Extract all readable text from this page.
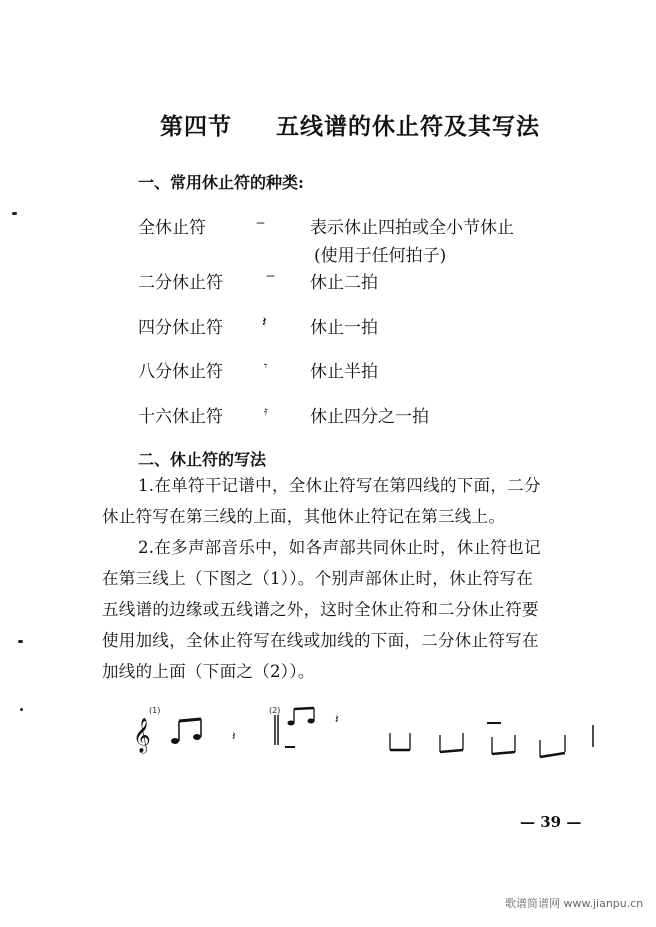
第四节 五线谱的休止符及其写法
一、常用休止符的种类:
全休止符	‒	表示休止四拍或全小节休止
(使用于任何拍子)
二分休止符	‒ 休止二拍
四分休止符	𝄽	休止一拍
八分休止符	𝄾	休止半拍
十六休止符	𝄿 休止四分之一拍
二、休止符的写法

1.在单符干记谱中，全休止符写在第四线的下面，二分

休止符写在第三线的上面，其他休止符记在第三线上。

2.在多声部音乐中，如各声部共同休止时，休止符也记

在第三线上（下图之（1））。个别声部休止时，休止符写在

五线谱的边缘或五线谱之外，这时全休止符和二分休止符要

使用加线，全休止符写在线或加线的下面，二分休止符写在

加线的上面（下面之（2））。

(1)	(2)
𝄞	𝄽
𝄽
— 39 —
歌谱简谱网 www.jianpu.cn
